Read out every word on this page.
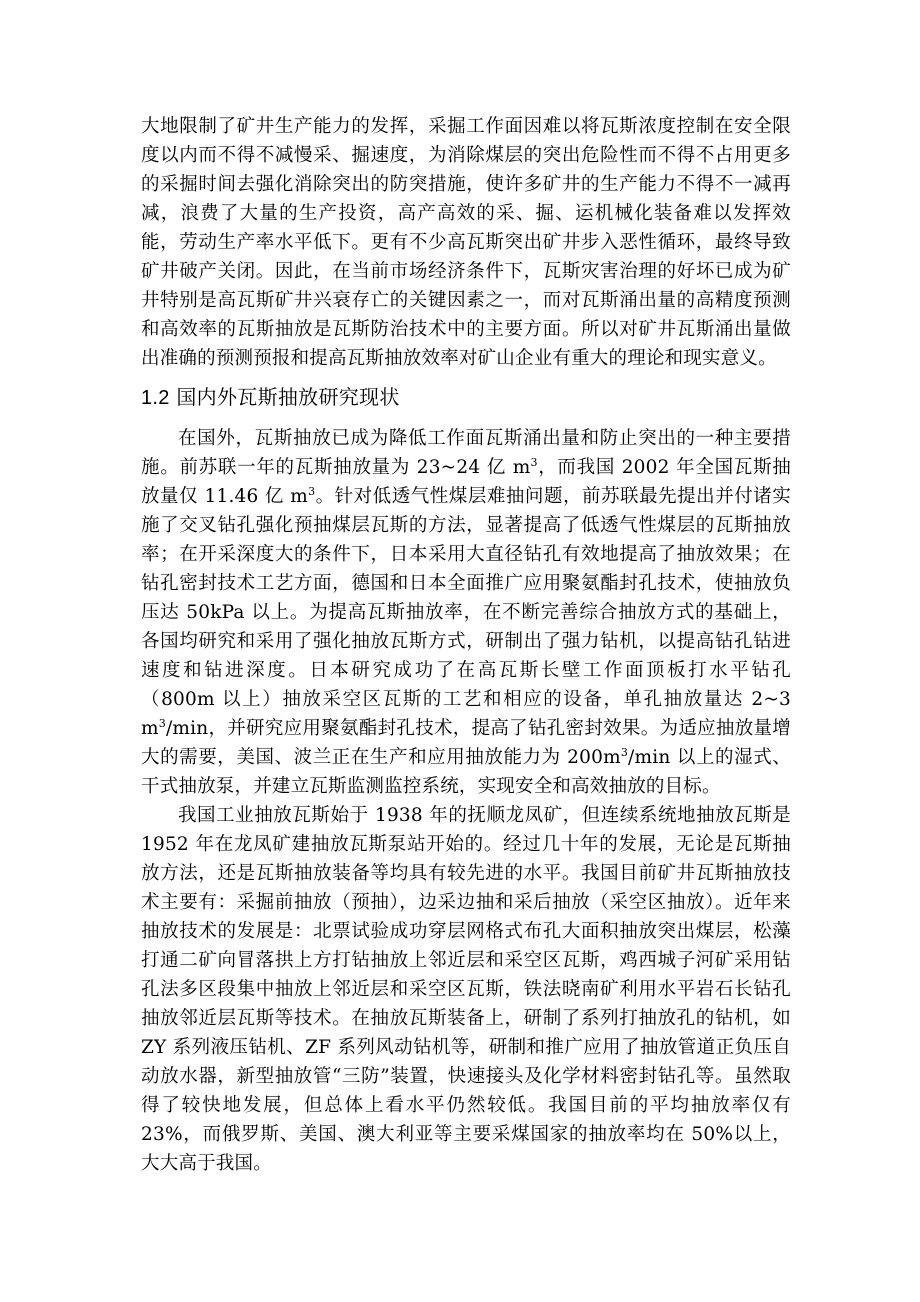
大地限制了矿井生产能力的发挥，采掘工作面因难以将瓦斯浓度控制在安全限度以内而不得不减慢采、掘速度，为消除煤层的突出危险性而不得不占用更多的采掘时间去强化消除突出的防突措施，使许多矿井的生产能力不得不一减再减，浪费了大量的生产投资，高产高效的采、掘、运机械化装备难以发挥效能，劳动生产率水平低下。更有不少高瓦斯突出矿井步入恶性循环，最终导致矿井破产关闭。因此，在当前市场经济条件下，瓦斯灾害治理的好坏已成为矿井特别是高瓦斯矿井兴衰存亡的关键因素之一，而对瓦斯涌出量的高精度预测和高效率的瓦斯抽放是瓦斯防治技术中的主要方面。所以对矿井瓦斯涌出量做出准确的预测预报和提高瓦斯抽放效率对矿山企业有重大的理论和现实意义。

1.2 国内外瓦斯抽放研究现状

在国外，瓦斯抽放已成为降低工作面瓦斯涌出量和防止突出的一种主要措施。前苏联一年的瓦斯抽放量为 23~24 亿 $m^3$，而我国 2002 年全国瓦斯抽放量仅 11.46 亿 $m^3$。针对低透气性煤层难抽问题，前苏联最先提出并付诸实施了交叉钻孔强化预抽煤层瓦斯的方法，显著提高了低透气性煤层的瓦斯抽放率；在开采深度大的条件下，日本采用大直径钻孔有效地提高了抽放效果；在钻孔密封技术工艺方面，德国和日本全面推广应用聚氨酯封孔技术，使抽放负压达 50kPa 以上。为提高瓦斯抽放率，在不断完善综合抽放方式的基础上，各国均研究和采用了强化抽放瓦斯方式，研制出了强力钻机，以提高钻孔钻进速度和钻进深度。日本研究成功了在高瓦斯长壁工作面顶板打水平钻孔（800m 以上）抽放采空区瓦斯的工艺和相应的设备，单孔抽放量达 2~3 $m^3/\min$，并研究应用聚氨酯封孔技术，提高了钻孔密封效果。为适应抽放量增大的需要，美国、波兰正在生产和应用抽放能力为 $200m^3/\min$ 以上的湿式、干式抽放泵，并建立瓦斯监测监控系统，实现安全和高效抽放的目标。

我国工业抽放瓦斯始于 1938 年的抚顺龙凤矿，但连续系统地抽放瓦斯是 1952 年在龙凤矿建抽放瓦斯泵站开始的。经过几十年的发展，无论是瓦斯抽放方法，还是瓦斯抽放装备等均具有较先进的水平。我国目前矿井瓦斯抽放技术主要有：采掘前抽放（预抽），边采边抽和采后抽放（采空区抽放）。近年来抽放技术的发展是：北票试验成功穿层网格式布孔大面积抽放突出煤层，松藻打通二矿向冒落拱上方打钻抽放上邻近层和采空区瓦斯，鸡西城子河矿采用钻孔法多区段集中抽放上邻近层和采空区瓦斯，铁法晓南矿利用水平岩石长钻孔抽放邻近层瓦斯等技术。在抽放瓦斯装备上，研制了系列打抽放孔的钻机，如 ZY 系列液压钻机、ZF 系列风动钻机等，研制和推广应用了抽放管道正负压自动放水器，新型抽放管“三防”装置，快速接头及化学材料密封钻孔等。虽然取得了较快地发展，但总体上看水平仍然较低。我国目前的平均抽放率仅有 23%，而俄罗斯、美国、澳大利亚等主要采煤国家的抽放率均在 50%以上，大大高于我国。
